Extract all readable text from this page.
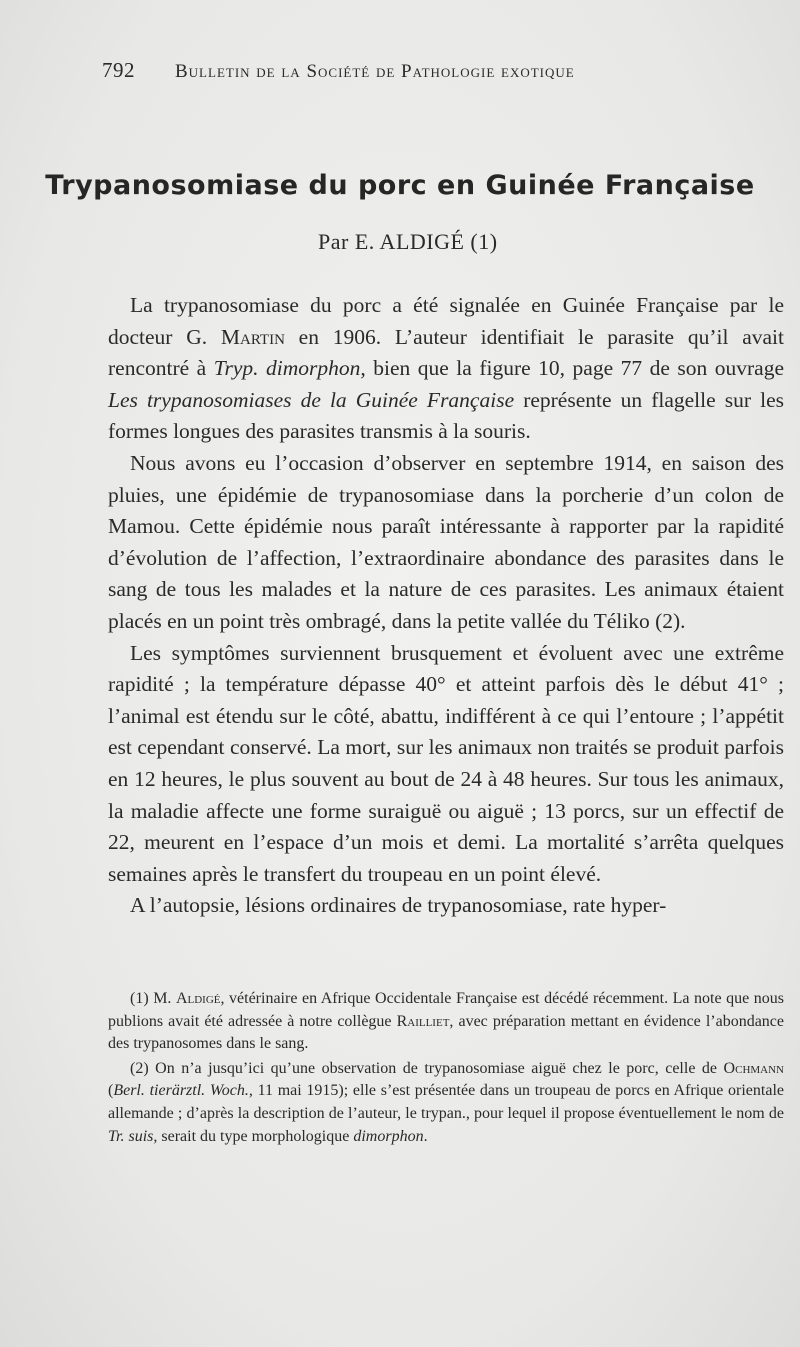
792 Bulletin de la Société de Pathologie exotique
Trypanosomiase du porc en Guinée Française
Par E. ALDIGÉ (1)

La trypanosomiase du porc a été signalée en Guinée Française par le docteur G. Martin en 1906. L’auteur identifiait le parasite qu’il avait rencontré à Tryp. dimorphon, bien que la figure 10, page 77 de son ouvrage Les trypanosomiases de la Guinée Française représente un flagelle sur les formes longues des parasites transmis à la souris.

Nous avons eu l’occasion d’observer en septembre 1914, en saison des pluies, une épidémie de trypanosomiase dans la porcherie d’un colon de Mamou. Cette épidémie nous paraît intéressante à rapporter par la rapidité d’évolution de l’affection, l’extraordinaire abondance des parasites dans le sang de tous les malades et la nature de ces parasites. Les animaux étaient placés en un point très ombragé, dans la petite vallée du Téliko (2).

Les symptômes surviennent brusquement et évoluent avec une extrême rapidité ; la température dépasse 40° et atteint parfois dès le début 41° ; l’animal est étendu sur le côté, abattu, indifférent à ce qui l’entoure ; l’appétit est cependant conservé. La mort, sur les animaux non traités se produit parfois en 12 heures, le plus souvent au bout de 24 à 48 heures. Sur tous les animaux, la maladie affecte une forme suraiguë ou aiguë ; 13 porcs, sur un effectif de 22, meurent en l’espace d’un mois et demi. La mortalité s’arrêta quelques semaines après le transfert du troupeau en un point élevé.

A l’autopsie, lésions ordinaires de trypanosomiase, rate hyper-

(1) M. Aldigé, vétérinaire en Afrique Occidentale Française est décédé récemment. La note que nous publions avait été adressée à notre collègue Railliet, avec préparation mettant en évidence l’abondance des trypanosomes dans le sang.

(2) On n’a jusqu’ici qu’une observation de trypanosomiase aiguë chez le porc, celle de Ochmann (Berl. tierärztl. Woch., 11 mai 1915); elle s’est présentée dans un troupeau de porcs en Afrique orientale allemande ; d’après la description de l’auteur, le trypan., pour lequel il propose éventuellement le nom de Tr. suis, serait du type morphologique dimorphon.
